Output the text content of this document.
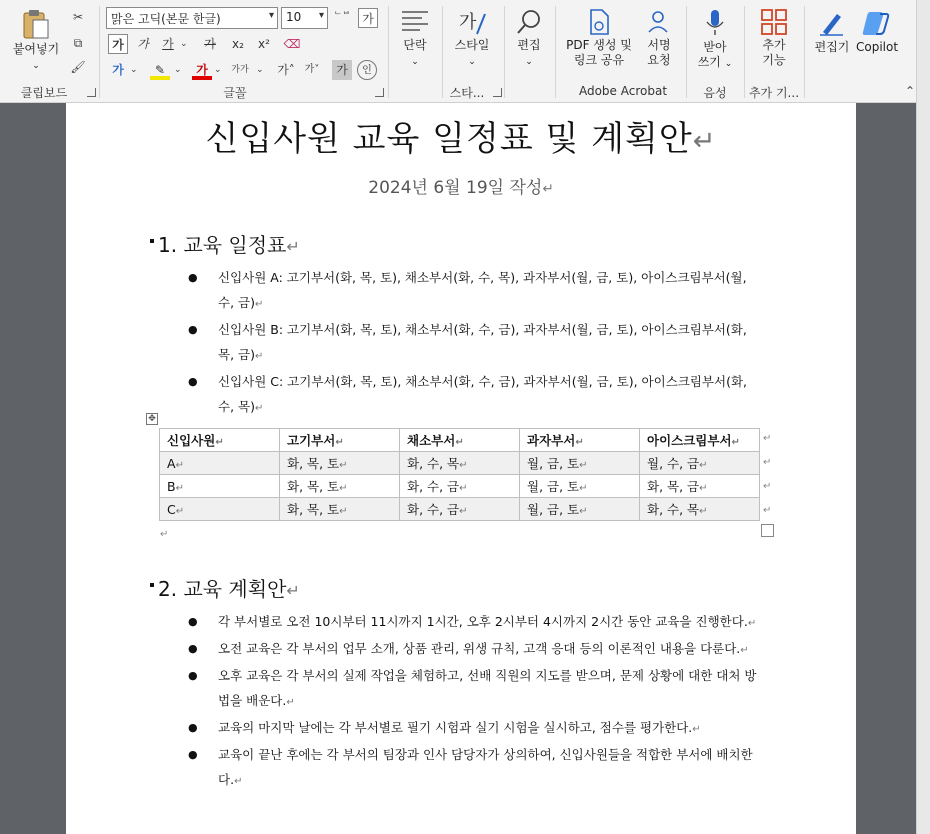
붙여넣기
⌄
✂
⧉
🖌
클립보드
맑은 고딕(본문 한글)	▾	10 ▾ ᄂᄇ 가
가	가	가 ⌄	가	x₂	x²	⌫
가 ⌄	✎ ⌄	가 ⌄ 가가 ⌄ 가˄ 가˅	가	인
글꼴
단락
⌄
가
스타일
⌄
스타...
편집
⌄
PDF 생성 및
링크 공유
서명
요청
Adobe Acrobat
받아
쓰기 ⌄
음성
추가
기능
추가 기...
편집기 Copilot
⌃
신입사원 교육 일정표 및 계획안↵
2024년 6월 19일 작성↵
1. 교육 일정표↵
● 신입사원 A: 고기부서(화, 목, 토), 채소부서(화, 수, 목), 과자부서(월, 금, 토), 아이스크림부서(월, 수, 금)↵
● 신입사원 B: 고기부서(화, 목, 토), 채소부서(화, 수, 금), 과자부서(월, 금, 토), 아이스크림부서(화, 목, 금)↵
● 신입사원 C: 고기부서(화, 목, 토), 채소부서(화, 수, 금), 과자부서(월, 금, 토), 아이스크림부서(화, 수, 목)↵
✥
신입사원↵	고기부서↵	채소부서↵	과자부서↵	아이스크림부서↵
A↵	화, 목, 토↵	화, 수, 목↵	월, 금, 토↵	월, 수, 금↵
B↵	화, 목, 토↵	화, 수, 금↵	월, 금, 토↵	화, 목, 금↵
C↵	화, 목, 토↵	화, 수, 금↵	월, 금, 토↵	화, 수, 목↵
↵
↵
↵
↵
↵
2. 교육 계획안↵
● 각 부서별로 오전 10시부터 11시까지 1시간, 오후 2시부터 4시까지 2시간 동안 교육을 진행한다.↵
● 오전 교육은 각 부서의 업무 소개, 상품 관리, 위생 규칙, 고객 응대 등의 이론적인 내용을 다룬다.↵
● 오후 교육은 각 부서의 실제 작업을 체험하고, 선배 직원의 지도를 받으며, 문제 상황에 대한 대처 방법을 배운다.↵
● 교육의 마지막 날에는 각 부서별로 필기 시험과 실기 시험을 실시하고, 점수를 평가한다.↵
● 교육이 끝난 후에는 각 부서의 팀장과 인사 담당자가 상의하여, 신입사원들을 적합한 부서에 배치한다.↵
